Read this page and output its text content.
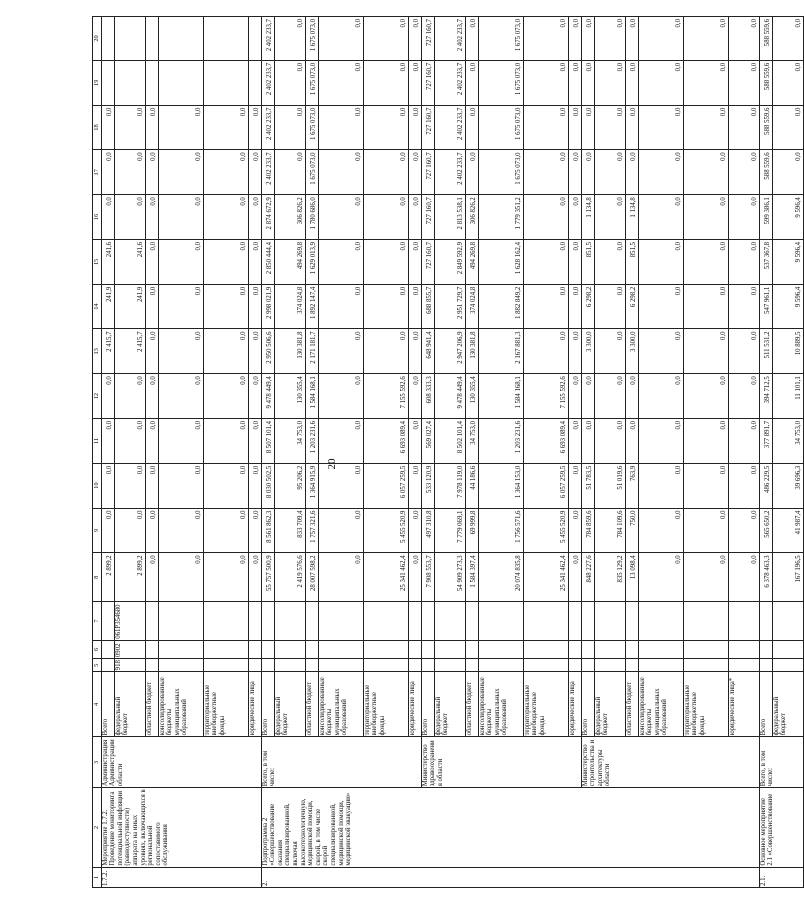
20
1	2	3	4	5	6	7	8	9	10	11	12	13	14	15	16	17	18	19	20
1.7.2.	Мероприятие 1.7.2. Проведение мониторинга потенциальной инфляции (равнодоступности) аппарата на иных уровнях, включающихся в региональной сопоставимого обслуживания	Администрация Администрации области	Всего				2 899,2	0,0	0,0	0,0	0,0	2 415,7	241,9	241,6	0,0	0,0	0,0		
			федеральный бюджет	918	0902	061Р354680	2 899,2	0,0	0,0	0,0	0,0	2 415,7	241,9	241,6	0,0	0,0	0,0		
			областной бюджет				0,0	0,0	0,0	0,0	0,0	0,0	0,0	0,0	0,0	0,0	0,0		
			консолидированные бюджеты муниципальных образований				0,0	0,0	0,0	0,0	0,0	0,0	0,0	0,0	0,0	0,0	0,0		
			территориальные внебюджетные фонды				0,0	0,0	0,0	0,0	0,0	0,0	0,0	0,0	0,0	0,0	0,0		
			юридические лица				0,0	0,0	0,0	0,0	0,0	0,0	0,0	0,0	0,0	0,0	0,0		
2.	Подпрограмма 2 «Совершенствование оказания специализированной, включая высокотехнологичную, медицинской помощи, скорой, в том числе скорой специализированной, медицинской помощи, медицинской эвакуации»	Всего, в том числе:	Всего				55 757 500,9	8 561 862,3	8 030 502,5	8 507 101,4	9 478 449,4	2 950 506,6	2 998 021,9	2 850 444,4	2 874 672,9	2 402 233,7	2 402 233,7	2 402 233,7	2 402 233,7
			федеральный бюджет				2 419 576,6	833 709,4	95 206,2	34 753,0	130 355,4	130 381,8	374 024,8	494 269,8	306 826,2	0,0	0,0	0,0	0,0
			областной бюджет				28 007 598,2	1 757 321,6	1 364 915,9	1 203 231,6	1 584 168,1	2 171 181,7	1 892 147,4	1 629 013,9	1 780 686,0	1 675 073,0	1 675 073,0	1 675 073,0	1 675 073,0
			консолидированные бюджеты муниципальных образований				0,0	0,0	0,0	0,0	0,0	0,0	0,0	0,0	0,0	0,0	0,0	0,0	0,0
			территориальные внебюджетные фонды				25 341 462,4	5 455 520,9	6 057 259,5	6 693 089,4	7 155 592,6	0,0	0,0	0,0	0,0	0,0	0,0	0,0	0,0
			юридические лица				0,0	0,0	0,0	0,0	0,0	0,0	0,0	0,0	0,0	0,0	0,0	0,0	0,0
		Министерство здравоохранения области	Всего				7 908 553,7	497 310,8	533 120,9	569 027,4	608 333,3	648 941,4	688 855,7	727 160,7	727 160,7	727 160,7	727 160,7	727 160,7	727 160,7
			федеральный бюджет				54 909 273,3	7 779 069,1	7 978 119,0	8 502 101,4	9 478 449,4	2 947 206,9	2 951 729,7	2 849 592,9	2 813 538,1	2 402 233,7	2 402 233,7	2 402 233,7	2 402 233,7
			областной бюджет				1 584 397,4	69 999,8	44 186,6	34 753,0	130 355,4	130 381,8	374 024,8	494 269,8	306 826,2	0,0	0,0	0,0	0,0
			консолидированные бюджеты муниципальных образований				20 074 835,8	1 756 571,6	1 364 153,0	1 203 231,6	1 584 168,1	2 167 881,3	1 882 849,2	1 628 162,4	1 779 351,2	1 675 073,0	1 675 073,0	1 675 073,0	1 675 073,0
			территориальные внебюджетные фонды				25 341 462,4	5 455 520,9	6 057 259,5	6 693 089,4	7 155 592,6	0,0	0,0	0,0	0,0	0,0	0,0	0,0	0,0
			юридические лица				0,0	0,0	0,0	0,0	0,0	0,0	0,0	0,0	0,0	0,0	0,0	0,0	0,0
		Министерство строительства и архитектуры области	Всего				848 227,6	784 859,6	51 783,5	0,0	0,0	3 300,0	6 298,2	851,5	1 134,8	0,0	0,0	0,0	0,0
			федеральный бюджет				835 129,2	784 109,6	51 019,6	0,0	0,0	0,0	0,0	0,0	0,0	0,0	0,0	0,0	0,0
			областной бюджет				13 098,4	750,0	763,9	0,0	0,0	3 300,0	6 298,2	851,5	1 134,8	0,0	0,0	0,0	0,0
			консолидированные бюджеты муниципальных образований				0,0	0,0	0,0	0,0	0,0	0,0	0,0	0,0	0,0	0,0	0,0	0,0	0,0
			территориальные внебюджетные фонды				0,0	0,0	0,0	0,0	0,0	0,0	0,0	0,0	0,0	0,0	0,0	0,0	0,0
			юридические лица*				0,0	0,0	0,0	0,0	0,0	0,0	0,0	0,0	0,0	0,0	0,0	0,0	0,0
2.1.	Основное мероприятие 2.1 «Совершенствование	Всего, в том числе:	Всего				6 378 463,3	565 650,2	486 229,5	377 891,7	394 712,5	511 531,2	547 961,1	537 367,8	599 386,1	588 559,6	588 559,6	588 559,6	588 559,6
			федеральный бюджет				167 196,5	41 987,4	39 696,3	34 753,0	11 101,1	10 889,5	9 596,4	9 596,4	9 596,4	0,0	0,0	0,0	0,0
